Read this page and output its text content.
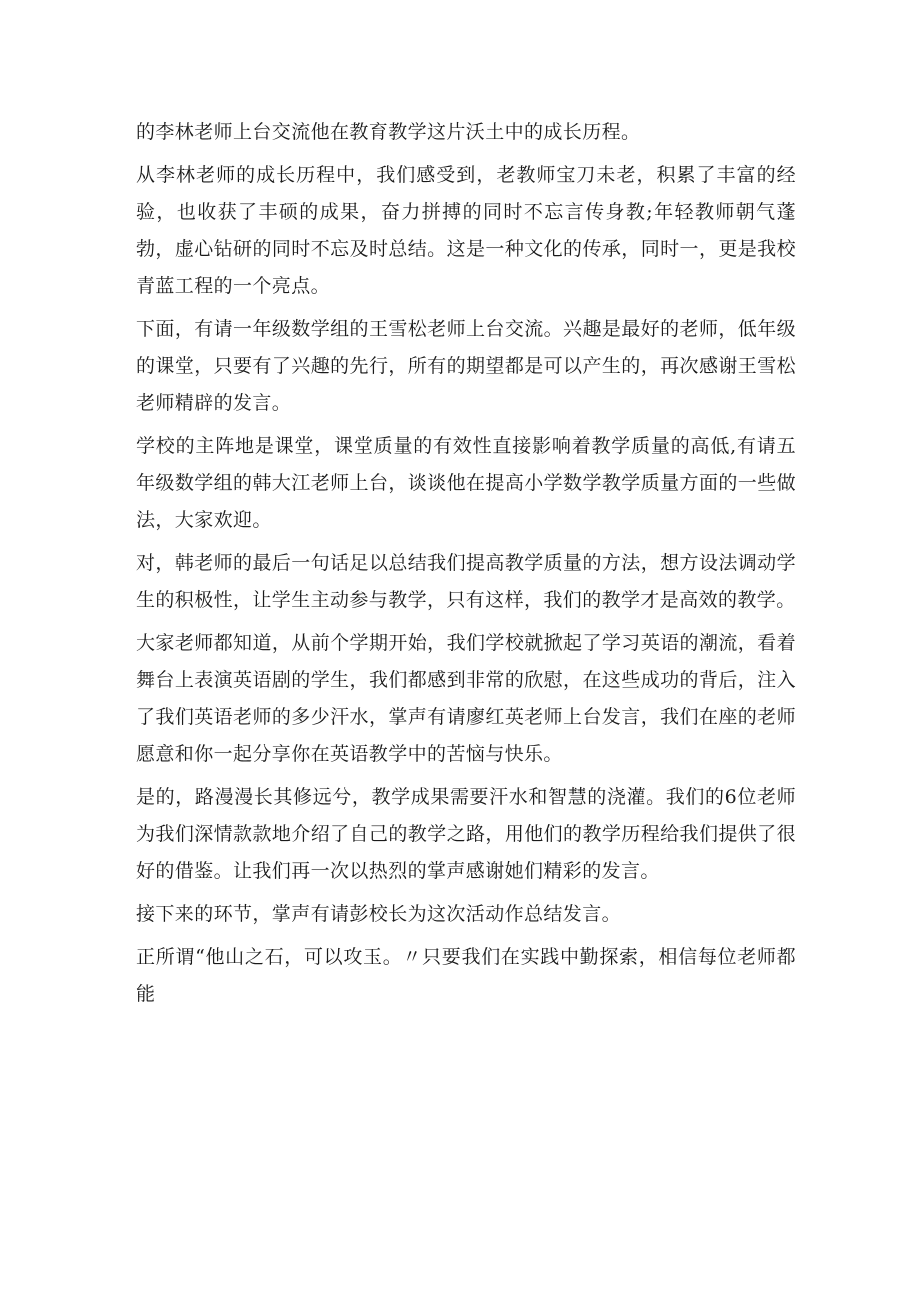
的李林老师上台交流他在教育教学这片沃土中的成长历程。

从李林老师的成长历程中，我们感受到，老教师宝刀未老，积累了丰富的经验，也收获了丰硕的成果，奋力拼搏的同时不忘言传身教;年轻教师朝气蓬勃，虚心钻研的同时不忘及时总结。这是一种文化的传承，同时一，更是我校青蓝工程的一个亮点。

下面，有请一年级数学组的王雪松老师上台交流。兴趣是最好的老师，低年级的课堂，只要有了兴趣的先行，所有的期望都是可以产生的，再次感谢王雪松老师精辟的发言。

学校的主阵地是课堂，课堂质量的有效性直接影响着教学质量的高低,有请五年级数学组的韩大江老师上台，谈谈他在提高小学数学教学质量方面的一些做法，大家欢迎。

对，韩老师的最后一句话足以总结我们提高教学质量的方法，想方设法调动学生的积极性，让学生主动参与教学，只有这样，我们的教学才是高效的教学。

大家老师都知道，从前个学期开始，我们学校就掀起了学习英语的潮流，看着舞台上表演英语剧的学生，我们都感到非常的欣慰，在这些成功的背后，注入了我们英语老师的多少汗水，掌声有请廖红英老师上台发言，我们在座的老师愿意和你一起分享你在英语教学中的苦恼与快乐。

是的，路漫漫长其修远兮，教学成果需要汗水和智慧的浇灌。我们的6位老师为我们深情款款地介绍了自己的教学之路，用他们的教学历程给我们提供了很好的借鉴。让我们再一次以热烈的掌声感谢她们精彩的发言。

接下来的环节，掌声有请彭校长为这次活动作总结发言。

正所谓“他山之石，可以攻玉。〃只要我们在实践中勤探索，相信每位老师都能
